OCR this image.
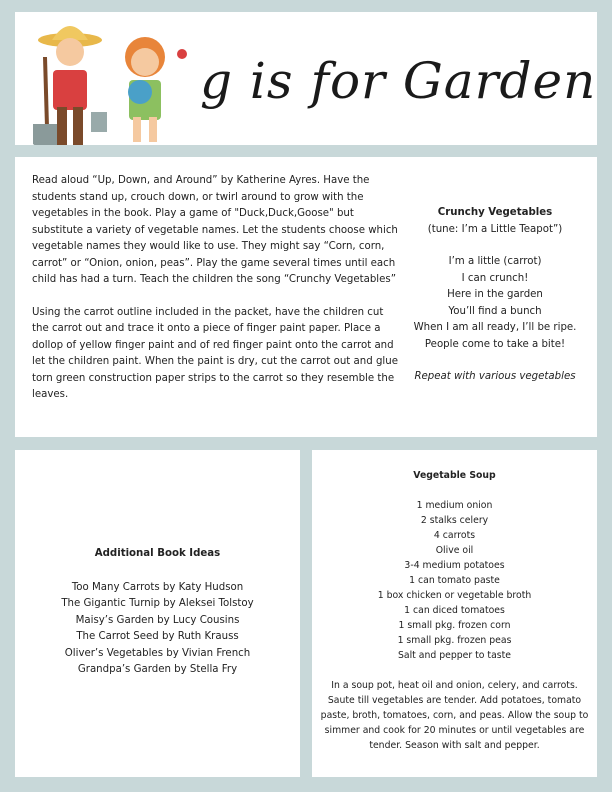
g is for Garden

Read aloud “Up, Down, and Around” by Katherine Ayres. Have the students stand up, crouch down, or twirl around to grow with the vegetables in the book. Play a game of "Duck,Duck,Goose" but substitute a variety of vegetable names. Let the students choose which vegetable names they would like to use. They might say “Corn, corn, carrot” or “Onion, onion, peas”. Play the game several times until each child has had a turn. Teach the children the song “Crunchy Vegetables”

Using the carrot outline included in the packet, have the children cut the carrot out and trace it onto a piece of finger paint paper. Place a dollop of yellow finger paint and of red finger paint onto the carrot and let the children paint. When the paint is dry, cut the carrot out and glue torn green construction paper strips to the carrot so they resemble the leaves.

Crunchy Vegetables
(tune: I’m a Little Teapot”)
I’m a little (carrot)
I can crunch!
Here in the garden
You’ll find a bunch
When I am all ready, I’ll be ripe.
People come to take a bite!
Repeat with various vegetables
Additional Book Ideas
Too Many Carrots by Katy Hudson
The Gigantic Turnip by Aleksei Tolstoy
Maisy’s Garden by Lucy Cousins
The Carrot Seed by Ruth Krauss
Oliver’s Vegetables by Vivian French
Grandpa’s Garden by Stella Fry
Vegetable Soup
1 medium onion
2 stalks celery
4 carrots
Olive oil
3-4 medium potatoes
1 can tomato paste
1 box chicken or vegetable broth
1 can diced tomatoes
1 small pkg. frozen corn
1 small pkg. frozen peas
Salt and pepper to taste
In a soup pot, heat oil and onion, celery, and carrots. Saute till vegetables are tender. Add potatoes, tomato paste, broth, tomatoes, corn, and peas. Allow the soup to simmer and cook for 20 minutes or until vegetables are tender. Season with salt and pepper.
